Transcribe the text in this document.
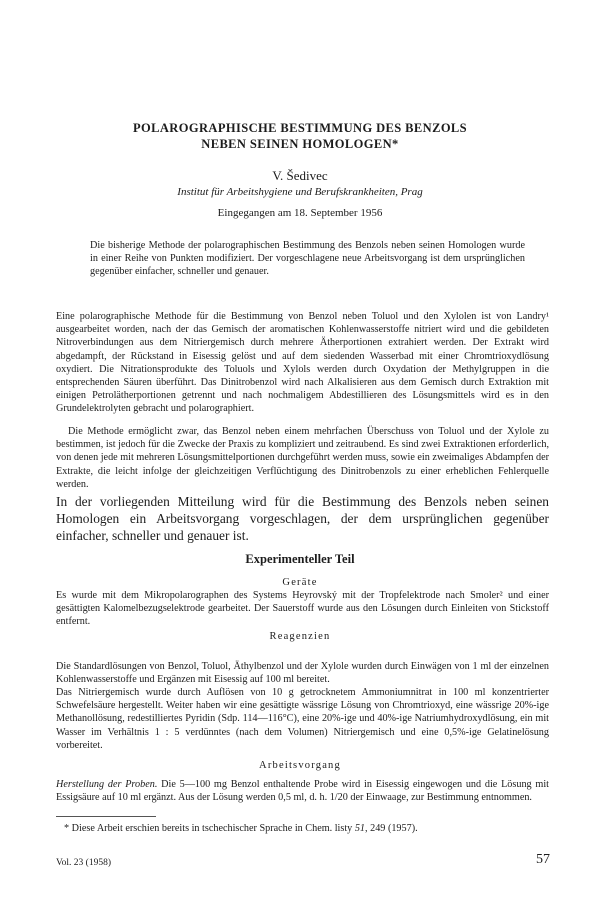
POLAROGRAPHISCHE BESTIMMUNG DES BENZOLS
NEBEN SEINEN HOMOLOGEN*
V. Šedivec
Institut für Arbeitshygiene und Berufskrankheiten, Prag
Eingegangen am 18. September 1956

Die bisherige Methode der polarographischen Bestimmung des Benzols neben seinen Homologen wurde in einer Reihe von Punkten modifiziert. Der vorgeschlagene neue Arbeitsvorgang ist dem ursprünglichen gegenüber einfacher, schneller und genauer.

Eine polarographische Methode für die Bestimmung von Benzol neben Toluol und den Xylolen ist von Landry¹ ausgearbeitet worden, nach der das Gemisch der aromatischen Kohlenwasserstoffe nitriert wird und die gebildeten Nitroverbindungen aus dem Nitriergemisch durch mehrere Ätherportionen extrahiert werden. Der Extrakt wird abgedampft, der Rückstand in Eisessig gelöst und auf dem siedenden Wasserbad mit einer Chromtrioxydlösung oxydiert. Die Nitrationsprodukte des Toluols und Xylols werden durch Oxydation der Methylgruppen in die entsprechenden Säuren überführt. Das Dinitrobenzol wird nach Alkalisieren aus dem Gemisch durch Extraktion mit einigen Petrolätherportionen getrennt und nach nochmaligem Abdestillieren des Lösungsmittels wird es in den Grundelektrolyten gebracht und polarographiert.

Die Methode ermöglicht zwar, das Benzol neben einem mehrfachen Überschuss von Toluol und der Xylole zu bestimmen, ist jedoch für die Zwecke der Praxis zu kompliziert und zeitraubend. Es sind zwei Extraktionen erforderlich, von denen jede mit mehreren Lösungsmittelportionen durchgeführt werden muss, sowie ein zweimaliges Abdampfen der Extrakte, die leicht infolge der gleichzeitigen Verflüchtigung des Dinitrobenzols zu einer erheblichen Fehlerquelle werden.

In der vorliegenden Mitteilung wird für die Bestimmung des Benzols neben seinen Homologen ein Arbeitsvorgang vorgeschlagen, der dem ursprünglichen gegenüber einfacher, schneller und genauer ist.

Experimenteller Teil
Geräte

Es wurde mit dem Mikropolarographen des Systems Heyrovský mit der Tropfelektrode nach Smoler² und einer gesättigten Kalomelbezugselektrode gearbeitet. Der Sauerstoff wurde aus den Lösungen durch Einleiten von Stickstoff entfernt.

Reagenzien

Die Standardlösungen von Benzol, Toluol, Äthylbenzol und der Xylole wurden durch Einwägen von 1 ml der einzelnen Kohlenwasserstoffe und Ergänzen mit Eisessig auf 100 ml bereitet.

Das Nitriergemisch wurde durch Auflösen von 10 g getrocknetem Ammoniumnitrat in 100 ml konzentrierter Schwefelsäure hergestellt. Weiter haben wir eine gesättigte wässrige Lösung von Chromtrioxyd, eine wässrige 20%-ige Methanollösung, redestilliertes Pyridin (Sdp. 114—116°C), eine 20%-ige und 40%-ige Natriumhydroxydlösung, ein mit Wasser im Verhältnis 1 : 5 verdünntes (nach dem Volumen) Nitriergemisch und eine 0,5%-ige Gelatinelösung vorbereitet.

Arbeitsvorgang

Herstellung der Proben. Die 5—100 mg Benzol enthaltende Probe wird in Eisessig eingewogen und die Lösung mit Essigsäure auf 10 ml ergänzt. Aus der Lösung werden 0,5 ml, d. h. 1/20 der Einwaage, zur Bestimmung entnommen.

* Diese Arbeit erschien bereits in tschechischer Sprache in Chem. listy 51, 249 (1957).

Vol. 23 (1958)	57
